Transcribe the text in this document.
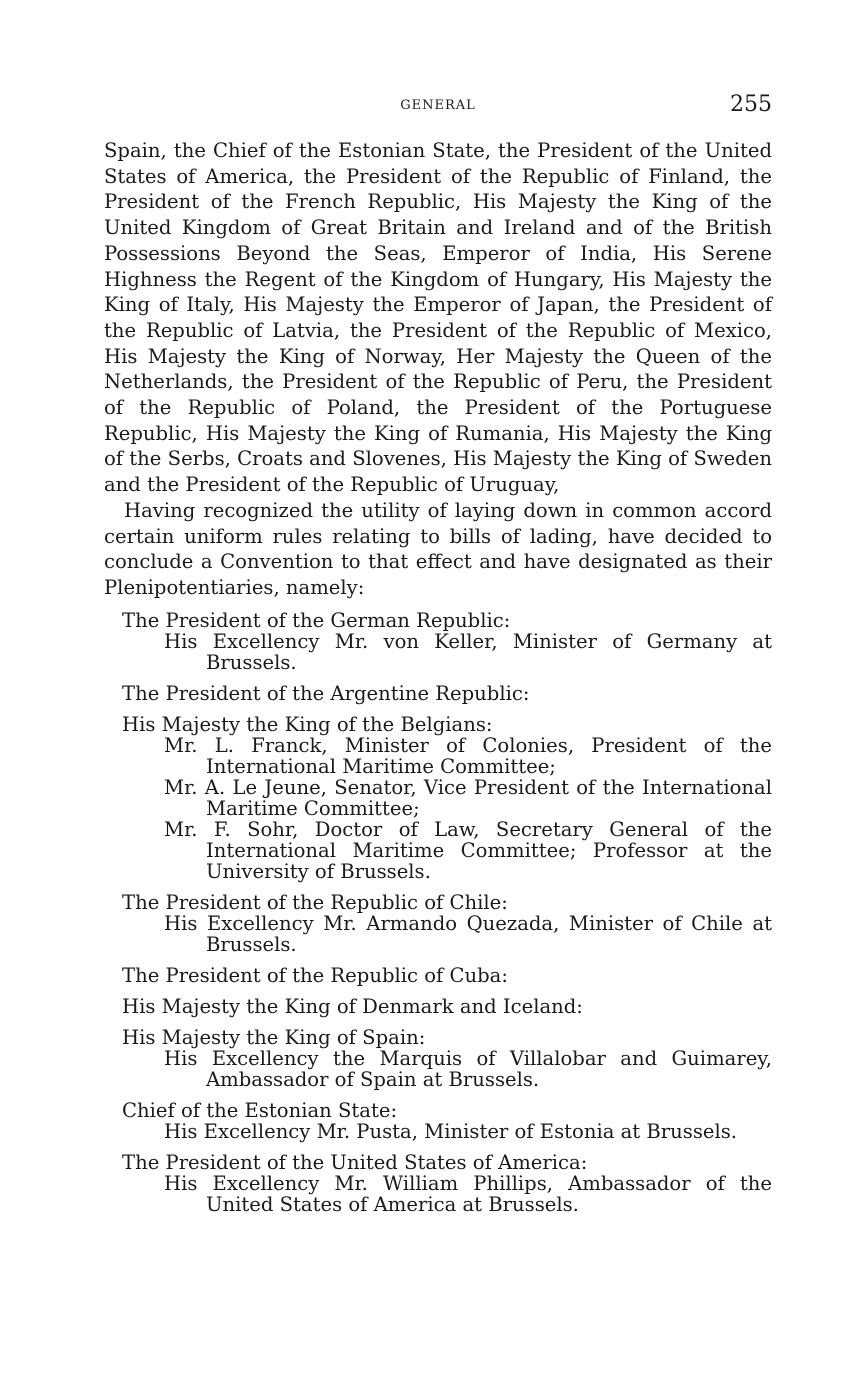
GENERAL	255

Spain, the Chief of the Estonian State, the President of the United States of America, the President of the Republic of Finland, the President of the French Republic, His Majesty the King of the United Kingdom of Great Britain and Ireland and of the British Possessions Beyond the Seas, Emperor of India, His Serene Highness the Regent of the Kingdom of Hungary, His Majesty the King of Italy, His Majesty the Emperor of Japan, the President of the Republic of Latvia, the President of the Republic of Mexico, His Majesty the King of Norway, Her Majesty the Queen of the Netherlands, the President of the Republic of Peru, the President of the Republic of Poland, the President of the Portuguese Republic, His Majesty the King of Rumania, His Majesty the King of the Serbs, Croats and Slovenes, His Majesty the King of Sweden and the President of the Republic of Uruguay,

Having recognized the utility of laying down in common accord certain uniform rules relating to bills of lading, have decided to conclude a Convention to that effect and have designated as their Plenipotentiaries, namely:

The President of the German Republic:
His Excellency Mr. von Keller, Minister of Germany at Brussels.
The President of the Argentine Republic:
His Majesty the King of the Belgians:
Mr. L. Franck, Minister of Colonies, President of the International Maritime Committee;
Mr. A. Le Jeune, Senator, Vice President of the International Maritime Committee;
Mr. F. Sohr, Doctor of Law, Secretary General of the International Maritime Committee; Professor at the University of Brussels.
The President of the Republic of Chile:
His Excellency Mr. Armando Quezada, Minister of Chile at Brussels.
The President of the Republic of Cuba:
His Majesty the King of Denmark and Iceland:
His Majesty the King of Spain:
His Excellency the Marquis of Villalobar and Guimarey, Ambassador of Spain at Brussels.
Chief of the Estonian State:
His Excellency Mr. Pusta, Minister of Estonia at Brussels.
The President of the United States of America:
His Excellency Mr. William Phillips, Ambassador of the United States of America at Brussels.
